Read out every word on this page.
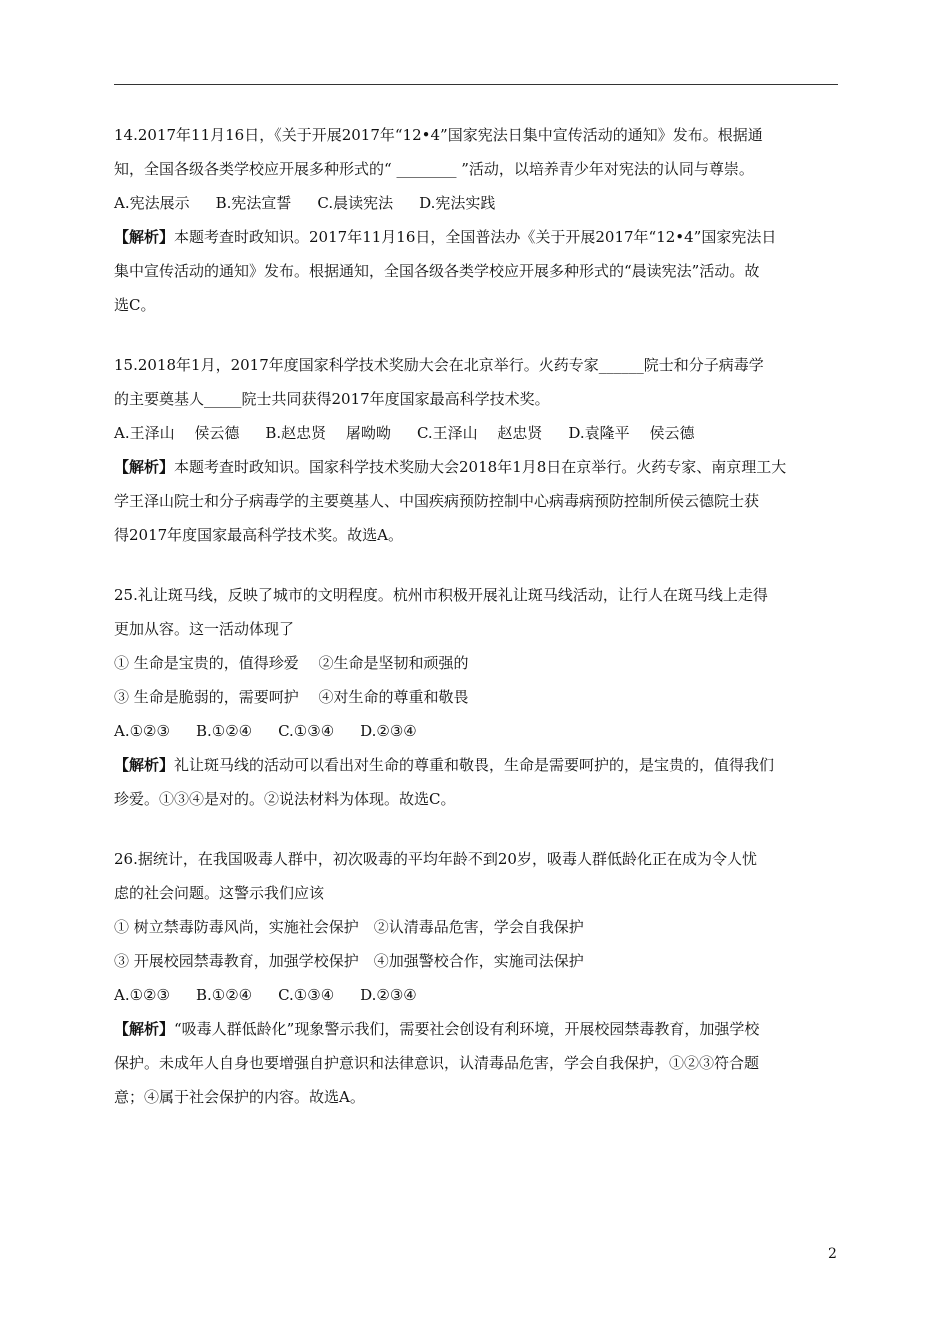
14.2017年11月16日，《关于开展2017年“12•4”国家宪法日集中宣传活动的通知》发布。根据通

知，全国各级各类学校应开展多种形式的“ ________ ”活动，以培养青少年对宪法的认同与尊崇。

A.宪法展示 B.宪法宣誓 C.晨读宪法 D.宪法实践

【解析】本题考查时政知识。2017年11月16日，全国普法办《关于开展2017年“12•4”国家宪法日

集中宣传活动的通知》发布。根据通知，全国各级各类学校应开展多种形式的“晨读宪法”活动。故

选C。

15.2018年1月，2017年度国家科学技术奖励大会在北京举行。火药专家______院士和分子病毒学

的主要奠基人_____院士共同获得2017年度国家最高科学技术奖。

A.王泽山　 侯云德 B.赵忠贤　 屠呦呦 C.王泽山　 赵忠贤 D.袁隆平　 侯云德

【解析】本题考查时政知识。国家科学技术奖励大会2018年1月8日在京举行。火药专家、南京理工大

学王泽山院士和分子病毒学的主要奠基人、中国疾病预防控制中心病毒病预防控制所侯云德院士获

得2017年度国家最高科学技术奖。故选A。

25.礼让斑马线，反映了城市的文明程度。杭州市积极开展礼让斑马线活动，让行人在斑马线上走得

更加从容。这一活动体现了

① 生命是宝贵的，值得珍爱　 ②生命是坚韧和顽强的

③ 生命是脆弱的，需要呵护　 ④对生命的尊重和敬畏

A.①②③ B.①②④ C.①③④ D.②③④

【解析】礼让斑马线的活动可以看出对生命的尊重和敬畏，生命是需要呵护的，是宝贵的，值得我们

珍爱。①③④是对的。②说法材料为体现。故选C。

26.据统计，在我国吸毒人群中，初次吸毒的平均年龄不到20岁，吸毒人群低龄化正在成为令人忧

虑的社会问题。这警示我们应该

① 树立禁毒防毒风尚，实施社会保护　②认清毒品危害，学会自我保护

③ 开展校园禁毒教育，加强学校保护　④加强警校合作，实施司法保护

A.①②③ B.①②④ C.①③④ D.②③④

【解析】“吸毒人群低龄化”现象警示我们，需要社会创设有利环境，开展校园禁毒教育，加强学校

保护。未成年人自身也要增强自护意识和法律意识，认清毒品危害，学会自我保护，①②③符合题

意；④属于社会保护的内容。故选A。

2
